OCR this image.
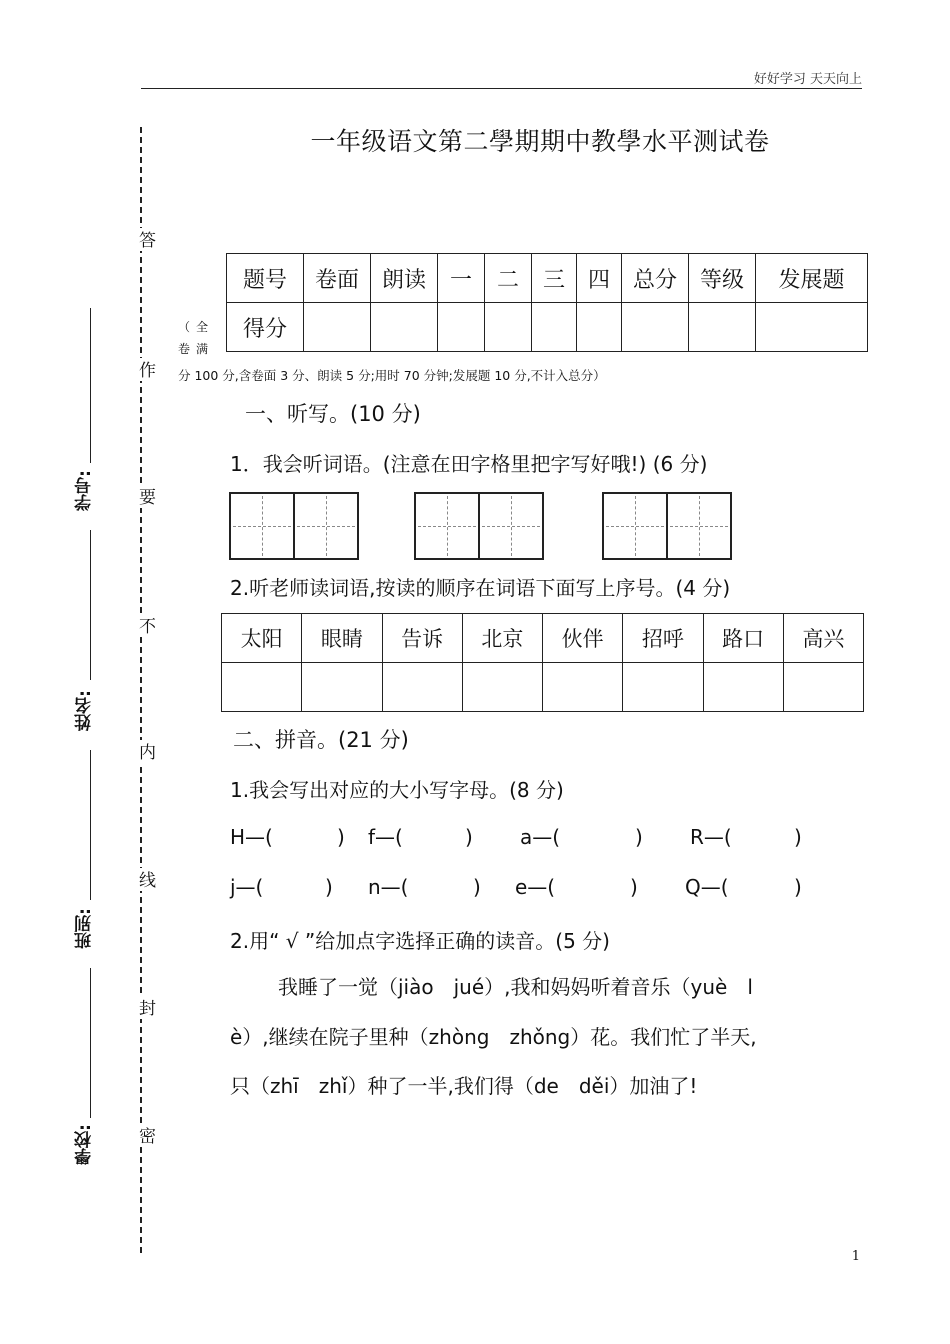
好好学习 天天向上
答
作
要
不
内
线
封
密
学号:
姓名:
班别:
學校:
一年级语文第二學期期中教學水平测试卷
题号	卷面	朗读	一	二	三	四	总分	等级	发展题
得分									
（全卷满
分 100 分,含卷面 3 分、朗读 5 分;用时 70 分钟;发展题 10 分,不计入总分）
一、听写。(10 分)
1．我会听词语。(注意在田字格里把字写好哦!) (6 分)
2.听老师读词语,按读的顺序在词语下面写上序号。(4 分)
太阳	眼睛	告诉	北京	伙伴	招呼	路口	高兴

二、拼音。(21 分)
1.我会写出对应的大小写字母。(8 分)
H—(	) f—(	) a—(	) R—(	)
j—(	) n—(	) e—(	) Q—(	)
2.用“ √ ”给加点字选择正确的读音。(5 分)
我睡了一觉（jiào　jué）,我和妈妈听着音乐（yuè　l
è）,继续在院子里种（zhòng　zhǒng）花。我们忙了半天,
只（zhī　zhǐ）种了一半,我们得（de　děi）加油了!
1
